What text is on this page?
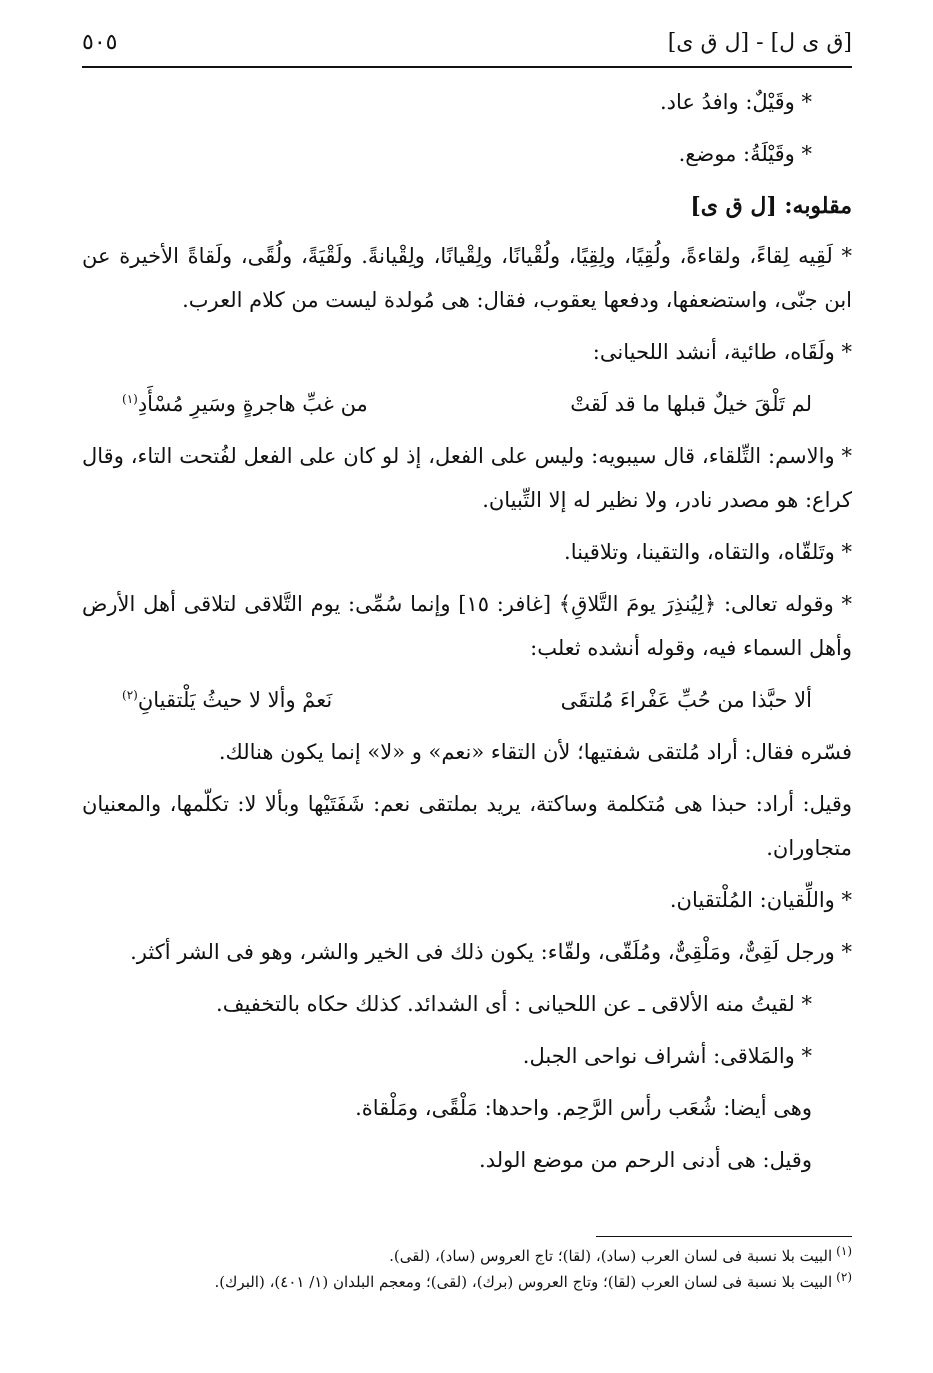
[ق ى ل] - [ل ق ى]
٥٠٥

* وقَيْلٌ: وافدُ عاد.

* وقَيْلَةُ: موضع.

مقلوبه: [ل ق ى]

* لَقِيه لِقاءً، ولقاءةً، ولُقِيًا، ولِقِيًا، ولُقْيانًا، ولِقْيانًا، ولِقْيانةً. ولَقْيَةً، ولُقًى، ولَقاةً الأخيرة عن ابن جنّى، واستضعفها، ودفعها يعقوب، فقال: هى مُولدة ليست من كلام العرب.

* ولَقَاه، طائية، أنشد اللحيانى:

لم تَلْقَ خيلٌ قبلها ما قد لَقتْ
من غبِّ هاجرةٍ وسَيرِ مُسْأَدِ$^{(١)}$

* والاسم: التِّلقاء، قال سيبويه: وليس على الفعل، إذ لو كان على الفعل لفُتحت التاء، وقال كراع: هو مصدر نادر، ولا نظير له إلا التِّبيان.

* وتَلقّاه، والتقاه، والتقينا، وتلاقينا.

* وقوله تعالى: ﴿لِيُنذِرَ يومَ التَّلاقِ﴾ [غافر: ١٥] وإنما سُمِّى: يوم التَّلاقى لتلاقى أهل الأرض وأهل السماء فيه، وقوله أنشده ثعلب:

ألا حبَّذا من حُبِّ عَفْراءَ مُلتقَى
نَعمْ وألا لا حيثُ يَلْتقيانِ$^{(٢)}$

فسّره فقال: أراد مُلتقى شفتيها؛ لأن التقاء «نعم» و «لا» إنما يكون هنالك.

وقيل: أراد: حبذا هى مُتكلمة وساكتة، يريد بملتقى نعم: شَفَتَيْها وبألا لا: تكلّمها، والمعنيان متجاوران.

* واللِّقيان: المُلْتقيان.

* ورجل لَقِىٌّ، ومَلْقِىٌّ، ومُلَقّى، ولقّاء: يكون ذلك فى الخير والشر، وهو فى الشر أكثر.

* لقيتُ منه الألاقى ـ عن اللحيانى : أى الشدائد. كذلك حكاه بالتخفيف.

* والمَلاقى: أشراف نواحى الجبل.

وهى أيضا: شُعَب رأس الرَّحِم. واحدها: مَلْقًى، ومَلْقاة.

وقيل: هى أدنى الرحم من موضع الولد.

$^{(١)}$البيت بلا نسبة فى لسان العرب (ساد)، (لقا)؛ تاج العروس (ساد)، (لقى).

$^{(٢)}$البيت بلا نسبة فى لسان العرب (لقا)؛ وتاج العروس (برك)، (لقى)؛ ومعجم البلدان (١/ ٤٠١)، (البرك).
